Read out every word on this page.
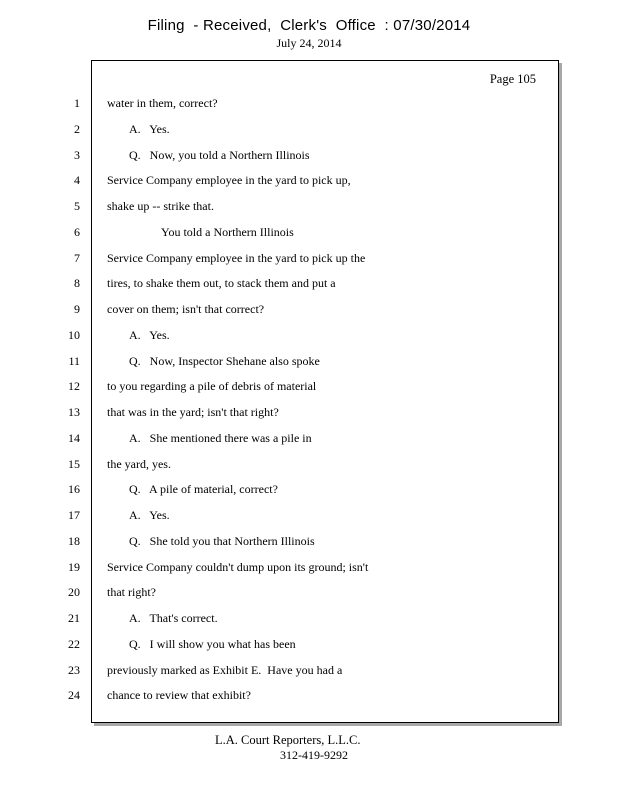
Filing  - Received,  Clerk's  Office  : 07/30/2014
July 24, 2014
Page 105
1 water in them, correct?
2	A.   Yes.
3	Q.   Now, you told a Northern Illinois
4 Service Company employee in the yard to pick up,
5 shake up -- strike that.
6	You told a Northern Illinois
7 Service Company employee in the yard to pick up the
8 tires, to shake them out, to stack them and put a
9 cover on them; isn't that correct?
10	A.   Yes.
11	Q.   Now, Inspector Shehane also spoke
12 to you regarding a pile of debris of material
13 that was in the yard; isn't that right?
14	A.   She mentioned there was a pile in
15 the yard, yes.
16	Q.   A pile of material, correct?
17	A.   Yes.
18	Q.   She told you that Northern Illinois
19 Service Company couldn't dump upon its ground; isn't
20 that right?
21	A.   That's correct.
22	Q.   I will show you what has been
23 previously marked as Exhibit E.  Have you had a
24 chance to review that exhibit?
L.A. Court Reporters, L.L.C.
312-419-9292
